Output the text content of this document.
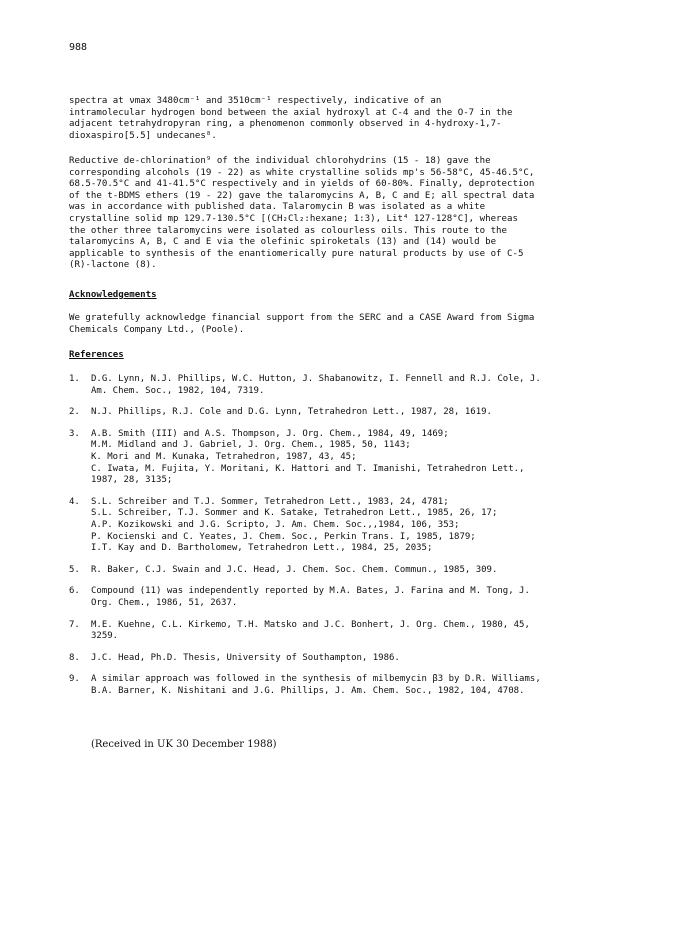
988

spectra at νmax 3480cm⁻¹ and 3510cm⁻¹ respectively, indicative of an
intramolecular hydrogen bond between the axial hydroxyl at C-4 and the O-7 in the
adjacent tetrahydropyran ring, a phenomenon commonly observed in 4-hydroxy-1,7-
dioxaspiro[5.5] undecanes⁸.

Reductive de-chlorination⁹ of the individual chlorohydrins (15 - 18) gave the
corresponding alcohols (19 - 22) as white crystalline solids mp's 56-58°C, 45-46.5°C,
68.5-70.5°C and 41-41.5°C respectively and in yields of 60-80%. Finally, deprotection
of the t-BDMS ethers (19 - 22) gave the talaromycins A, B, C and E; all spectral data
was in accordance with published data. Talaromycin B was isolated as a white
crystalline solid mp 129.7-130.5°C [(CH₂Cl₂:hexane; 1:3), Lit⁴ 127-128°C], whereas
the other three talaromycins were isolated as colourless oils. This route to the
talaromycins A, B, C and E via the olefinic spiroketals (13) and (14) would be
applicable to synthesis of the enantiomerically pure natural products by use of C-5
(R)-lactone (8).

Acknowledgements

We gratefully acknowledge financial support from the SERC and a CASE Award from Sigma
Chemicals Company Ltd., (Poole).

References
1.	D.G. Lynn, N.J. Phillips, W.C. Hutton, J. Shabanowitz, I. Fennell and R.J. Cole, J.
Am. Chem. Soc., 1982, 104, 7319.
2.	N.J. Phillips, R.J. Cole and D.G. Lynn, Tetrahedron Lett., 1987, 28, 1619.
3.	A.B. Smith (III) and A.S. Thompson, J. Org. Chem., 1984, 49, 1469;
M.M. Midland and J. Gabriel, J. Org. Chem., 1985, 50, 1143;
K. Mori and M. Kunaka, Tetrahedron, 1987, 43, 45;
C. Iwata, M. Fujita, Y. Moritani, K. Hattori and T. Imanishi, Tetrahedron Lett.,
1987, 28, 3135;
4.	S.L. Schreiber and T.J. Sommer, Tetrahedron Lett., 1983, 24, 4781;
S.L. Schreiber, T.J. Sommer and K. Satake, Tetrahedron Lett., 1985, 26, 17;
A.P. Kozikowski and J.G. Scripto, J. Am. Chem. Soc.,,1984, 106, 353;
P. Kocienski and C. Yeates, J. Chem. Soc., Perkin Trans. I, 1985, 1879;
I.T. Kay and D. Bartholomew, Tetrahedron Lett., 1984, 25, 2035;
5.	R. Baker, C.J. Swain and J.C. Head, J. Chem. Soc. Chem. Commun., 1985, 309.
6.	Compound (11) was independently reported by M.A. Bates, J. Farina and M. Tong, J.
Org. Chem., 1986, 51, 2637.
7.	M.E. Kuehne, C.L. Kirkemo, T.H. Matsko and J.C. Bonhert, J. Org. Chem., 1980, 45,
3259.
8.	J.C. Head, Ph.D. Thesis, University of Southampton, 1986.
9.	A similar approach was followed in the synthesis of milbemycin β3 by D.R. Williams,
B.A. Barner, K. Nishitani and J.G. Phillips, J. Am. Chem. Soc., 1982, 104, 4708.
(Received in UK 30 December 1988)
